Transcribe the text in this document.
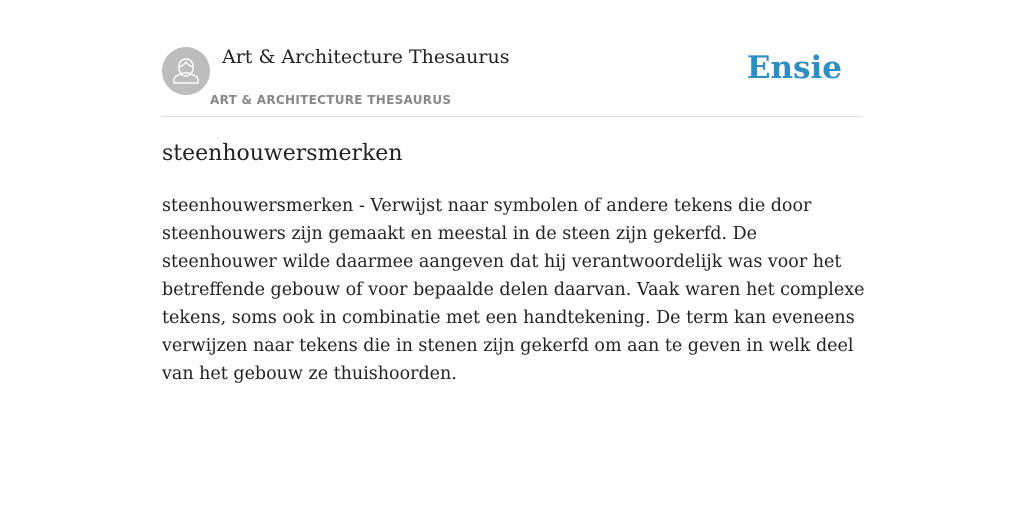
Art & Architecture Thesaurus
ART & ARCHITECTURE THESAURUS
Ensie
steenhouwersmerken

steenhouwersmerken - Verwijst naar symbolen of andere tekens die door steenhouwers zijn gemaakt en meestal in de steen zijn gekerfd. De steenhouwer wilde daarmee aangeven dat hij verantwoordelijk was voor het betreffende gebouw of voor bepaalde delen daarvan. Vaak waren het complexe tekens, soms ook in combinatie met een handtekening. De term kan eveneens verwijzen naar tekens die in stenen zijn gekerfd om aan te geven in welk deel van het gebouw ze thuishoorden.
